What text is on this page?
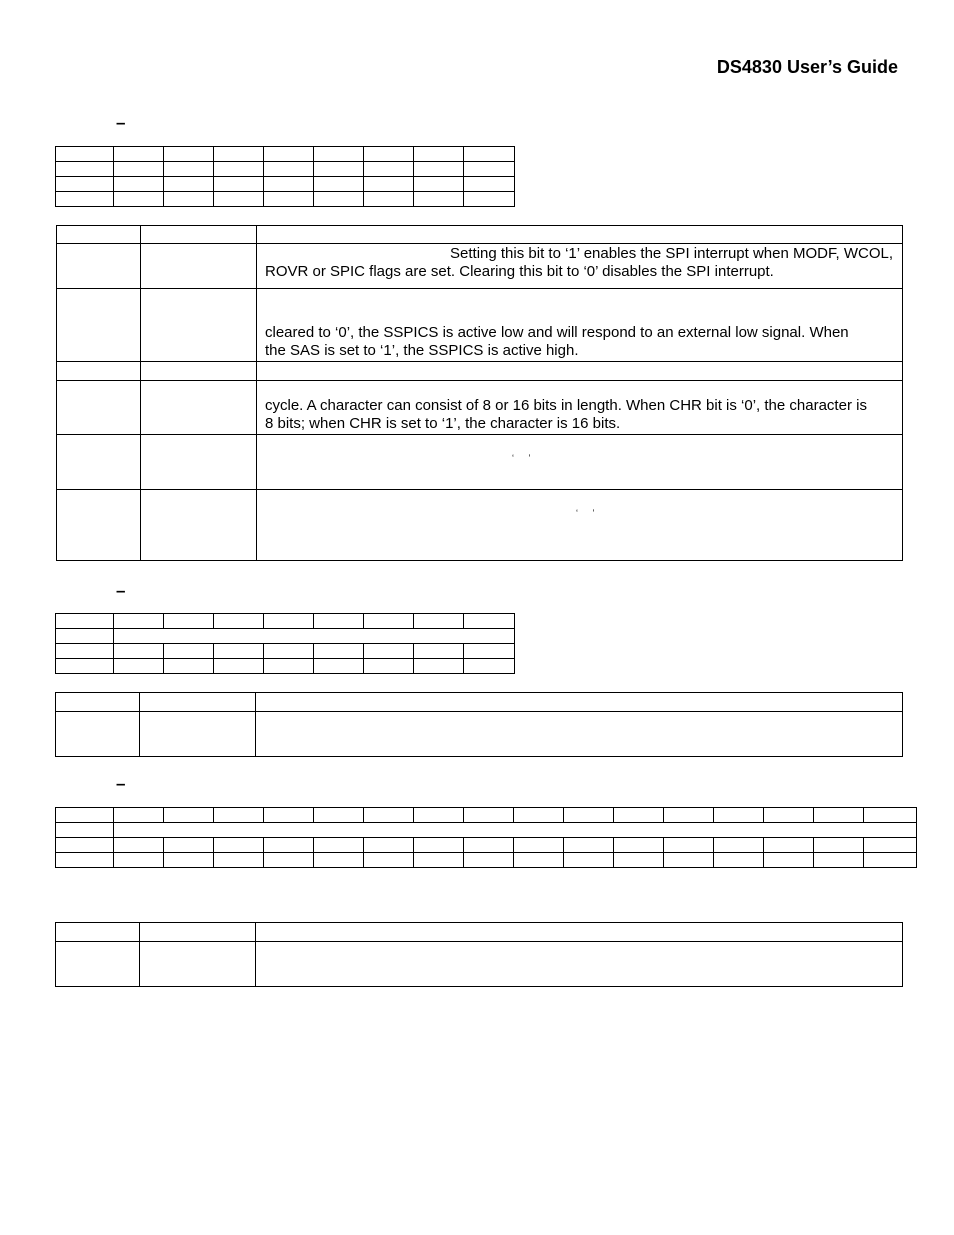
DS4830 User’s Guide
–

		Setting this bit to ‘1’ enables the SPI interrupt when MODF, WCOL,
ROVR or SPIC flags are set. Clearing this bit to ‘0’ disables the SPI interrupt.

		cleared to ‘0’, the SSPICS is active low and will respond to an external low signal. When
the SAS is set to ‘1’, the SSPICS is active high.

		cycle. A character can consist of 8 or 16 bits in length. When CHR bit is ‘0’, the character is
8 bits; when CHR is set to ‘1’, the character is 16 bits.

		‘ ’

		‘ ’
–

–
